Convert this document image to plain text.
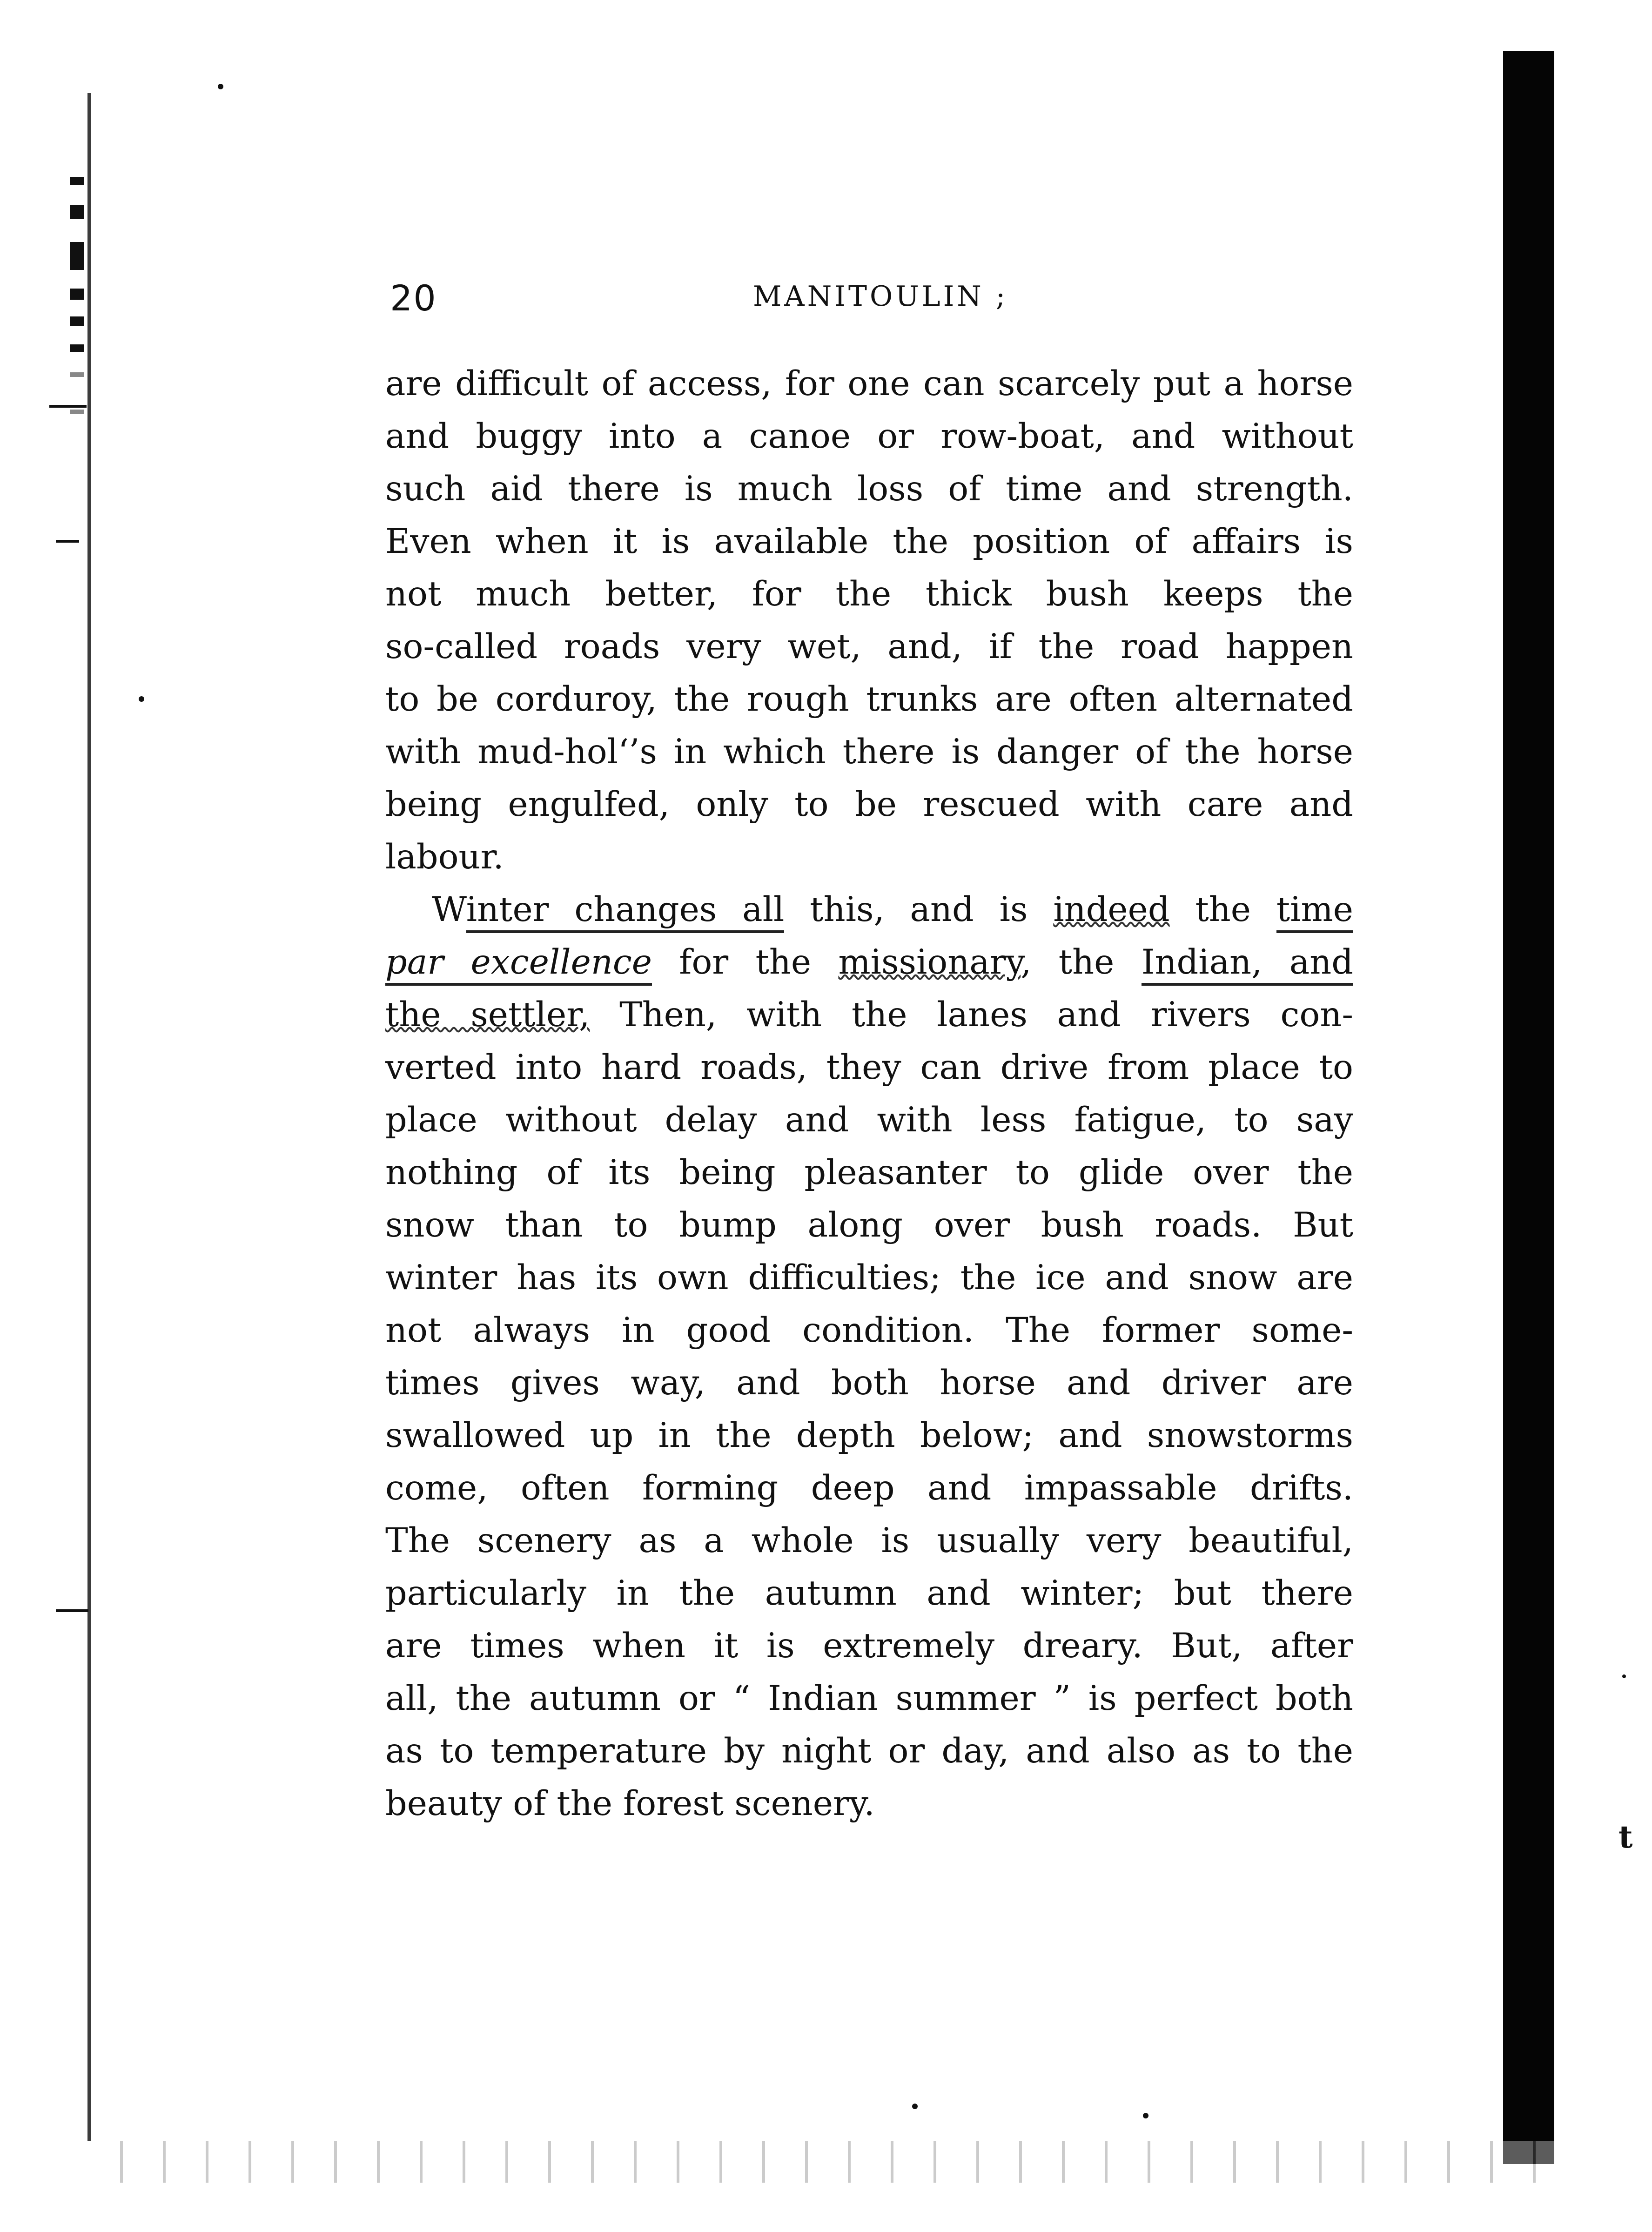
t
20	MANITOULIN ;
are difficult of access, for one can scarcely put a horse
and buggy into a canoe or row-boat, and without
such aid there is much loss of time and strength.
Even when it is available the position of affairs is
not much better, for the thick bush keeps the
so-called roads very wet, and, if the road happen
to be corduroy, the rough trunks are often alternated
with mud-hol‘’s in which there is danger of the horse
being engulfed, only to be rescued with care and
labour.
Winter changes all this, and is indeed the time
par excellence for the missionary, the Indian, and
the settler, Then, with the lanes and rivers con-
verted into hard roads, they can drive from place to
place without delay and with less fatigue, to say
nothing of its being pleasanter to glide over the
snow than to bump along over bush roads. But
winter has its own difficulties; the ice and snow are
not always in good condition. The former some-
times gives way, and both horse and driver are
swallowed up in the depth below; and snowstorms
come, often forming deep and impassable drifts.
The scenery as a whole is usually very beautiful,
particularly in the autumn and winter; but there
are times when it is extremely dreary. But, after
all, the autumn or “ Indian summer ” is perfect both
as to temperature by night or day, and also as to the
beauty of the forest scenery.
